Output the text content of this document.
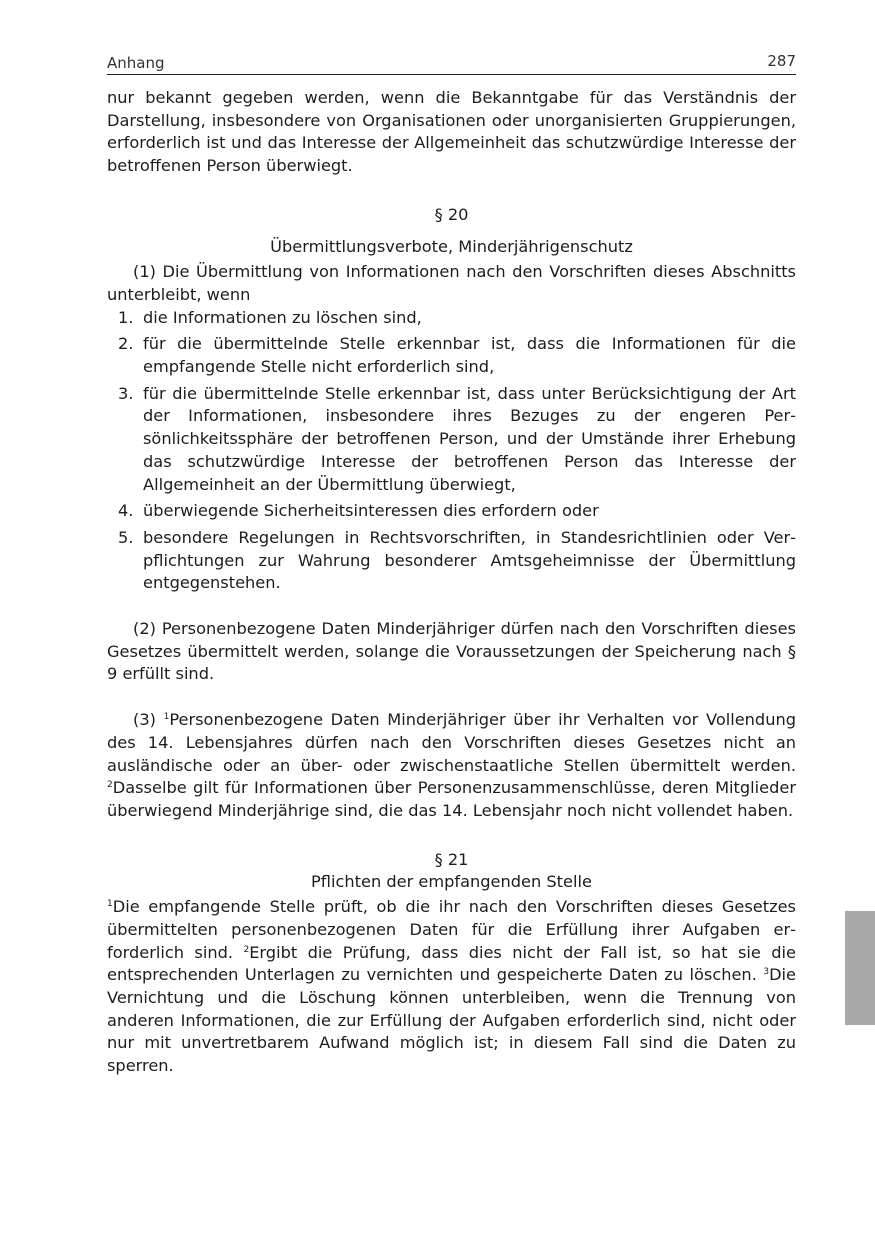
Anhang	287

nur bekannt gegeben werden, wenn die Bekanntgabe für das Verständnis der Darstellung, insbesondere von Organisationen oder unorganisierten Gruppierungen, erforderlich ist und das Interesse der Allgemeinheit das schutzwürdige Interesse der betroffenen Person überwiegt.

§ 20

Übermittlungsverbote, Minderjährigenschutz

(1) Die Übermittlung von Informationen nach den Vorschriften dieses Abschnitts unterbleibt, wenn

1. die Informationen zu löschen sind,
2. für die übermittelnde Stelle erkennbar ist, dass die Informationen für die empfangende Stelle nicht erforderlich sind,
3. für die übermittelnde Stelle erkennbar ist, dass unter Berücksichtigung der Art der Informationen, insbesondere ihres Bezuges zu der engeren Persönlichkeitssphäre der betroffenen Person, und der Umstände ihrer Erhebung das schutzwürdige Interesse der betroffenen Person das Interesse der Allgemeinheit an der Übermittlung überwiegt,
4. überwiegende Sicherheitsinteressen dies erfordern oder
5. besondere Regelungen in Rechtsvorschriften, in Standesrichtlinien oder Verpflichtungen zur Wahrung besonderer Amtsgeheimnisse der Übermittlung entgegenstehen.

(2) Personenbezogene Daten Minderjähriger dürfen nach den Vorschriften dieses Gesetzes übermittelt werden, solange die Voraussetzungen der Speicherung nach § 9 erfüllt sind.

(3) $^1$Personenbezogene Daten Minderjähriger über ihr Verhalten vor Vollendung des 14. Lebensjahres dürfen nach den Vorschriften dieses Gesetzes nicht an ausländische oder an über- oder zwischenstaatliche Stellen übermittelt werden. $^2$Dasselbe gilt für Informationen über Personenzusammenschlüsse, deren Mitglieder überwiegend Minderjährige sind, die das 14. Lebensjahr noch nicht vollendet haben.

§ 21

Pflichten der empfangenden Stelle

$^1$Die empfangende Stelle prüft, ob die ihr nach den Vorschriften dieses Gesetzes übermittelten personenbezogenen Daten für die Erfüllung ihrer Aufgaben erforderlich sind. $^2$Ergibt die Prüfung, dass dies nicht der Fall ist, so hat sie die entsprechenden Unterlagen zu vernichten und gespeicherte Daten zu löschen. $^3$Die Vernichtung und die Löschung können unterbleiben, wenn die Trennung von anderen Informationen, die zur Erfüllung der Aufgaben erforderlich sind, nicht oder nur mit unvertretbarem Aufwand möglich ist; in diesem Fall sind die Daten zu sperren.
